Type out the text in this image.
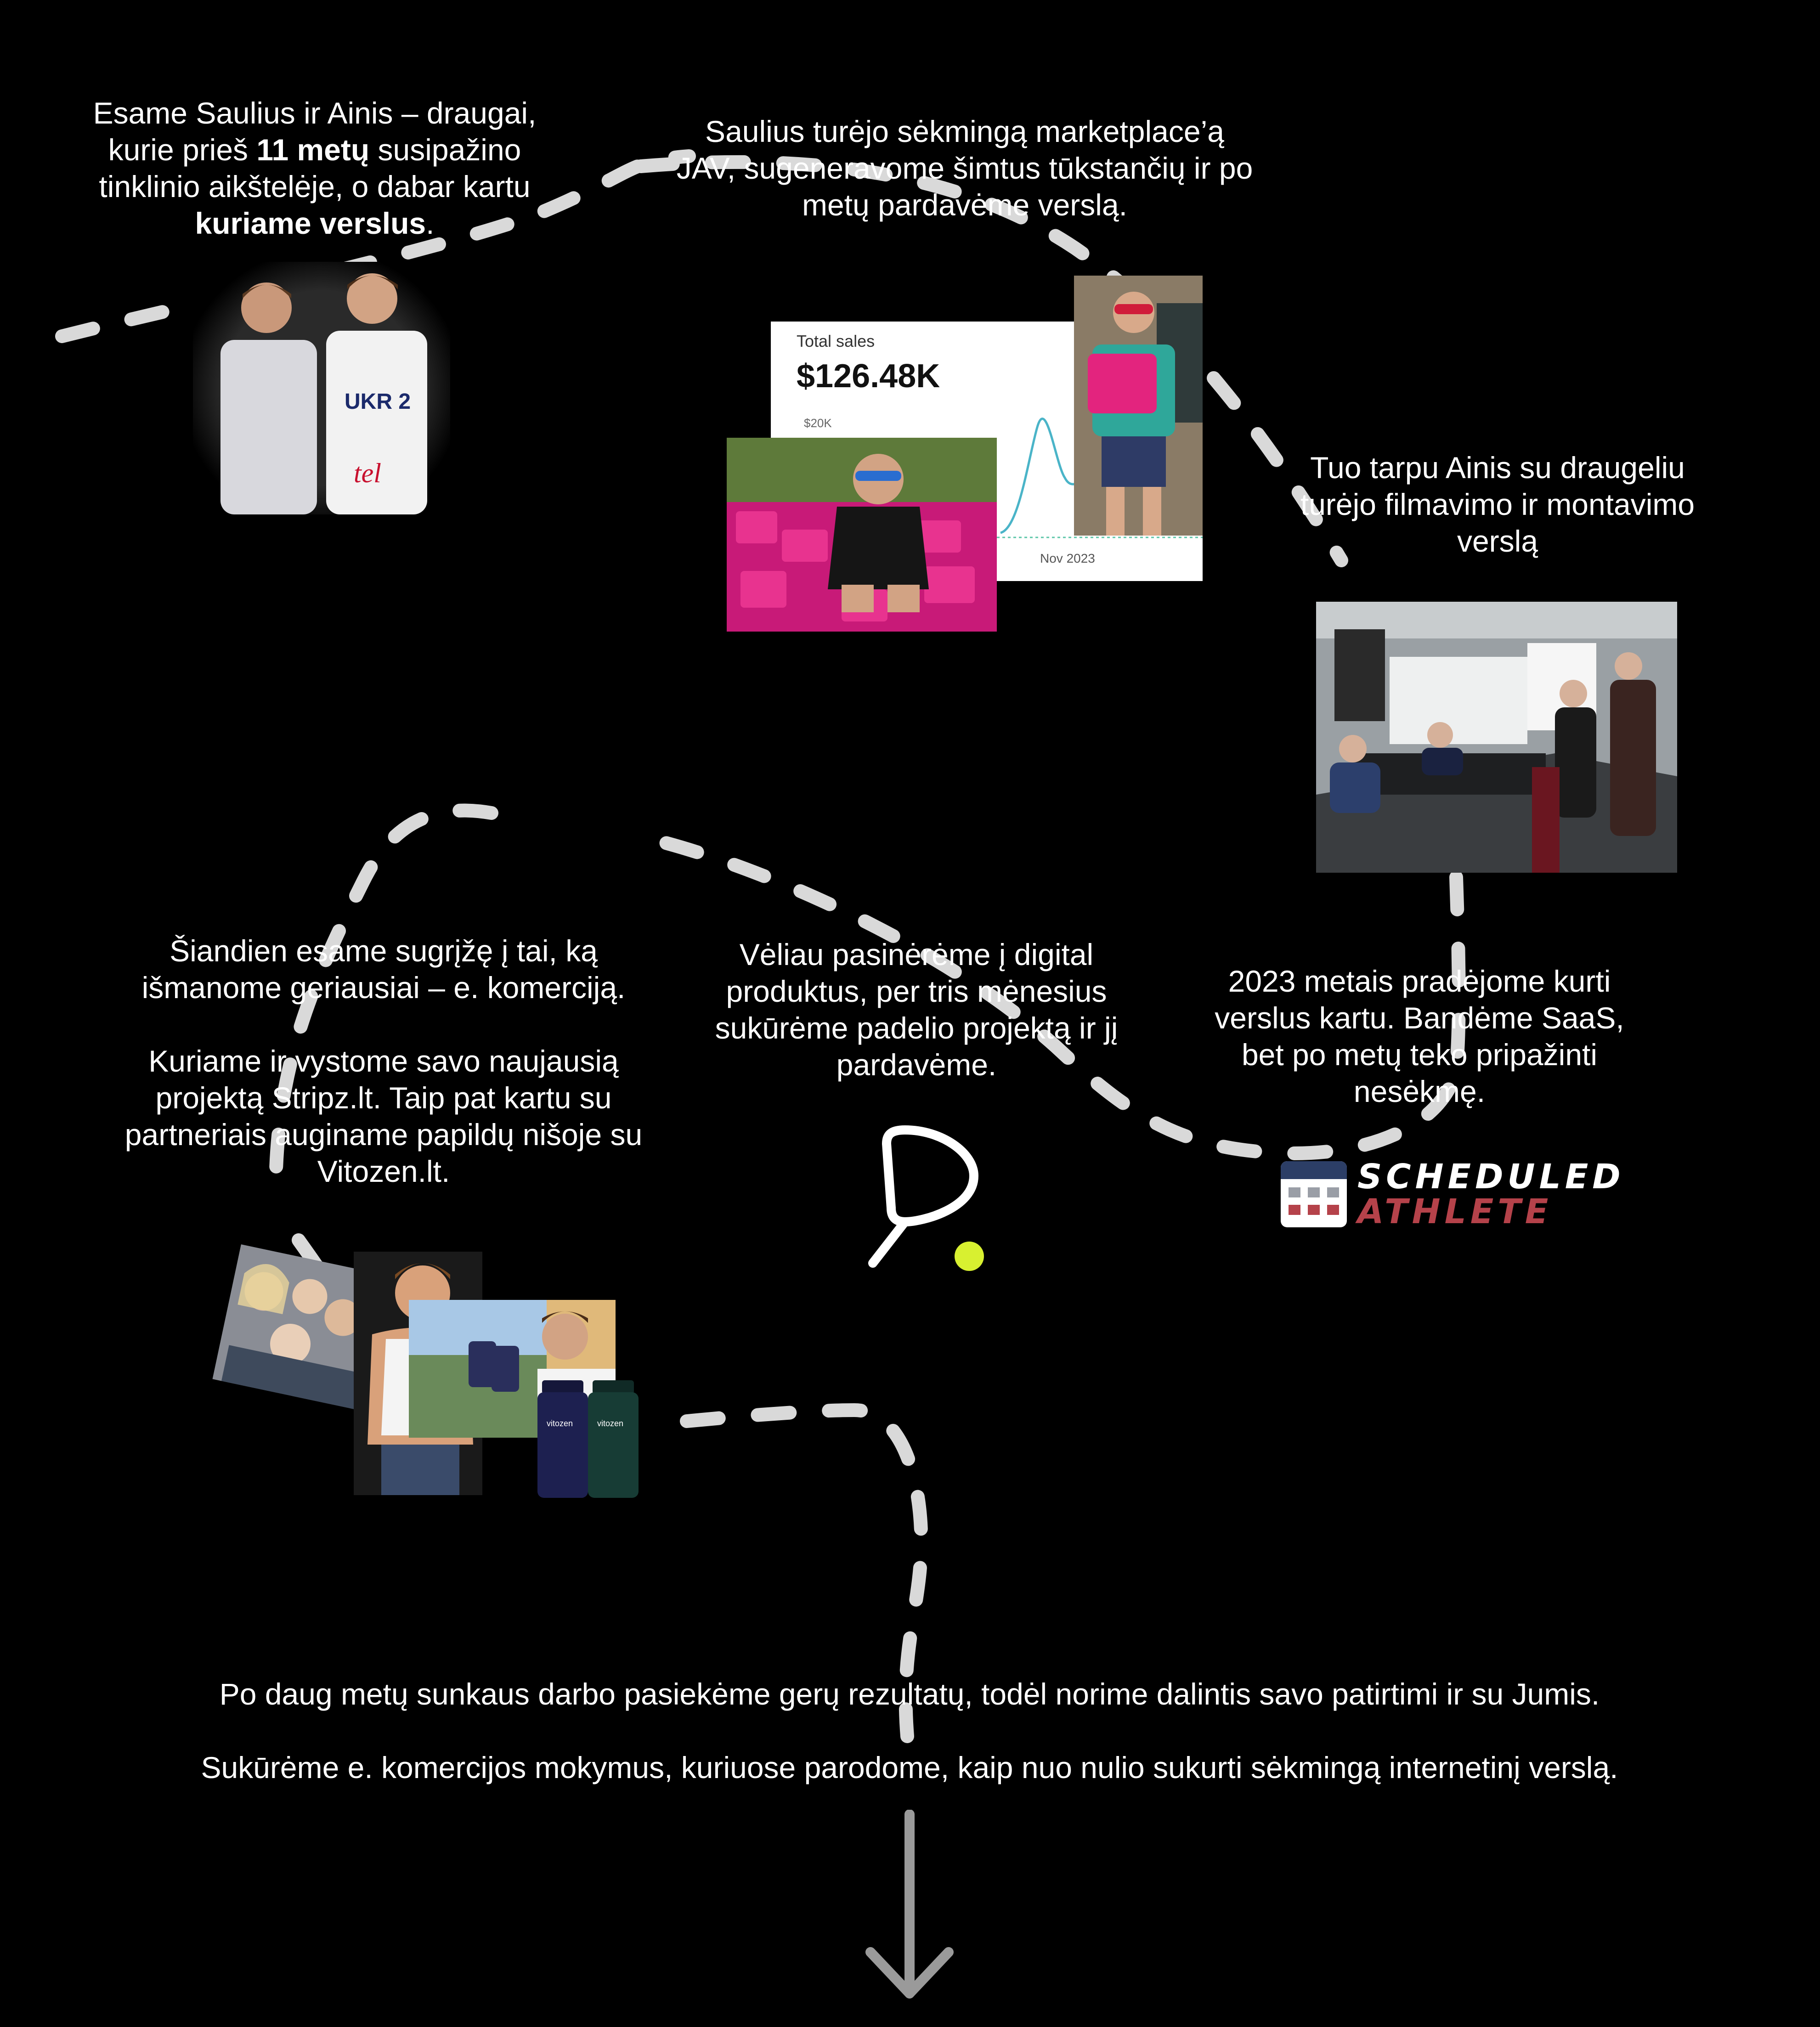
Esame Saulius ir Ainis – draugai,
kurie prieš 11 metų susipažino
tinklinio aikštelėje, o dabar kartu
kuriame verslus.
UKR 2
tel
Saulius turėjo sėkmingą marketplace’ą JAV, sugeneravome šimtus tūkstančių ir po metų pardavėme verslą.
Total sales
$126.48K
$20K
Nov 2023
Tuo tarpu Ainis su draugeliu turėjo filmavimo ir montavimo verslą
2023 metais pradėjome kurti verslus kartu. Bandėme SaaS, bet po metų teko pripažinti nesėkmę.
SCHEDULED
ATHLETE
Vėliau pasinėrėme į digital produktus, per tris mėnesius sukūrėme padelio projektą ir jį pardavėme.
Šiandien esame sugrįžę į tai, ką išmanome geriausiai – e. komerciją.
Kuriame ir vystome savo naujausią projektą Stripz.lt. Taip pat kartu su partneriais auginame papildų nišoje su Vitozen.lt.
vitozen	vitozen
Po daug metų sunkaus darbo pasiekėme gerų rezultatų, todėl norime dalintis savo patirtimi ir su Jumis.
Sukūrėme e. komercijos mokymus, kuriuose parodome, kaip nuo nulio sukurti sėkmingą internetinį verslą.
